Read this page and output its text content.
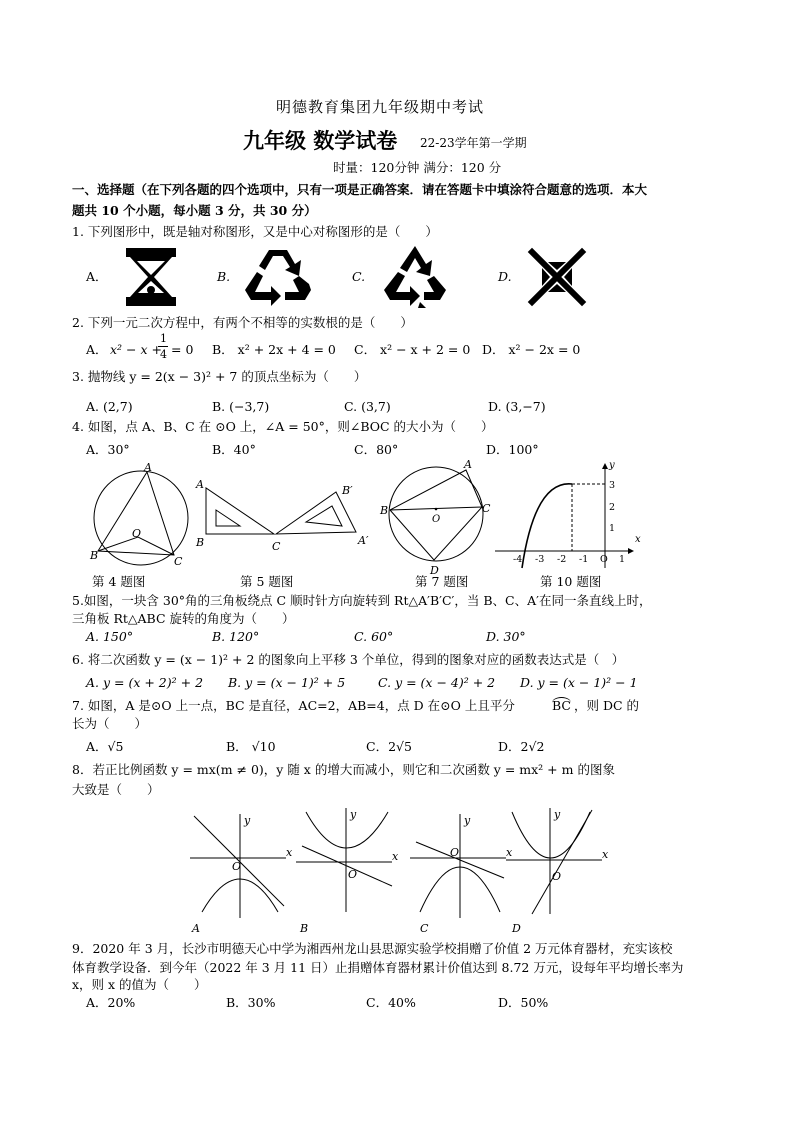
明德教育集团九年级期中考试
九年级 数学试卷 22-23学年第一学期
时量：120分钟 满分：120 分
一、选择题（在下列各题的四个选项中，只有一项是正确答案．请在答题卡中填涂符合题意的选项．本大
题共 10 个小题，每小题 3 分，共 30 分）
1. 下列图形中，既是轴对称图形，又是中心对称图形的是（　　）
A．	B.	C.	D.
2. 下列一元二次方程中，有两个不相等的实数根的是（　　）
A． x² − x +
1
4 = 0 B． x² + 2x + 4 = 0 C． x² − x + 2 = 0 D． x² − 2x = 0
3. 抛物线 y = 2(x − 3)² + 7 的顶点坐标为（　　）
A. (2,7)	B. (−3,7)	C. (3,7)	D. (3,−7)
4. 如图，点 A、B、C 在 ⊙O 上，∠A = 50°，则∠BOC 的大小为（　　）
A．30°	B．40°	C．80°	D．100°
A
B	C
O
A
B	C
B′
A′
A
B	C
D
O
x
y
O
-4 -3 -2 -1	1
3
2
1
第 4 题图	第 5 题图	第 7 题图	第 10 题图
5.如图，一块含 30°角的三角板绕点 C 顺时针方向旋转到 Rt△A′B′C′，当 B、C、A′在同一条直线上时，
三角板 Rt△ABC 旋转的角度为（　　）
A. 150°	B. 120°	C. 60°	D. 30°
6. 将二次函数 y = (x − 1)² + 2 的图象向上平移 3 个单位，得到的图象对应的函数表达式是（　）
A. y = (x + 2)² + 2 B. y = (x − 1)² + 5	C. y = (x − 4)² + 2 D. y = (x − 1)² − 1
7. 如图，A 是⊙O 上一点，BC 是直径，AC=2，AB=4，点 D 在⊙O 上且平分	BC ，则 DC 的
长为（　　）
A．√5	B． √10	C．2√5	D．2√2
8．若正比例函数 y = mx(m ≠ 0)，y 随 x 的增大而减小，则它和二次函数 y = mx² + m 的图象
大致是（　　）
x
y
O
A
x
y
O
B
x
y
O
C
x
y
O
D
9．2020 年 3 月，长沙市明德天心中学为湘西州龙山县思源实验学校捐赠了价值 2 万元体育器材，充实该校
体育教学设备．到今年（2022 年 3 月 11 日）止捐赠体育器材累计价值达到 8.72 万元，设每年平均增长率为
x，则 x 的值为（　　）
A．20%	B．30%	C．40%	D．50%
